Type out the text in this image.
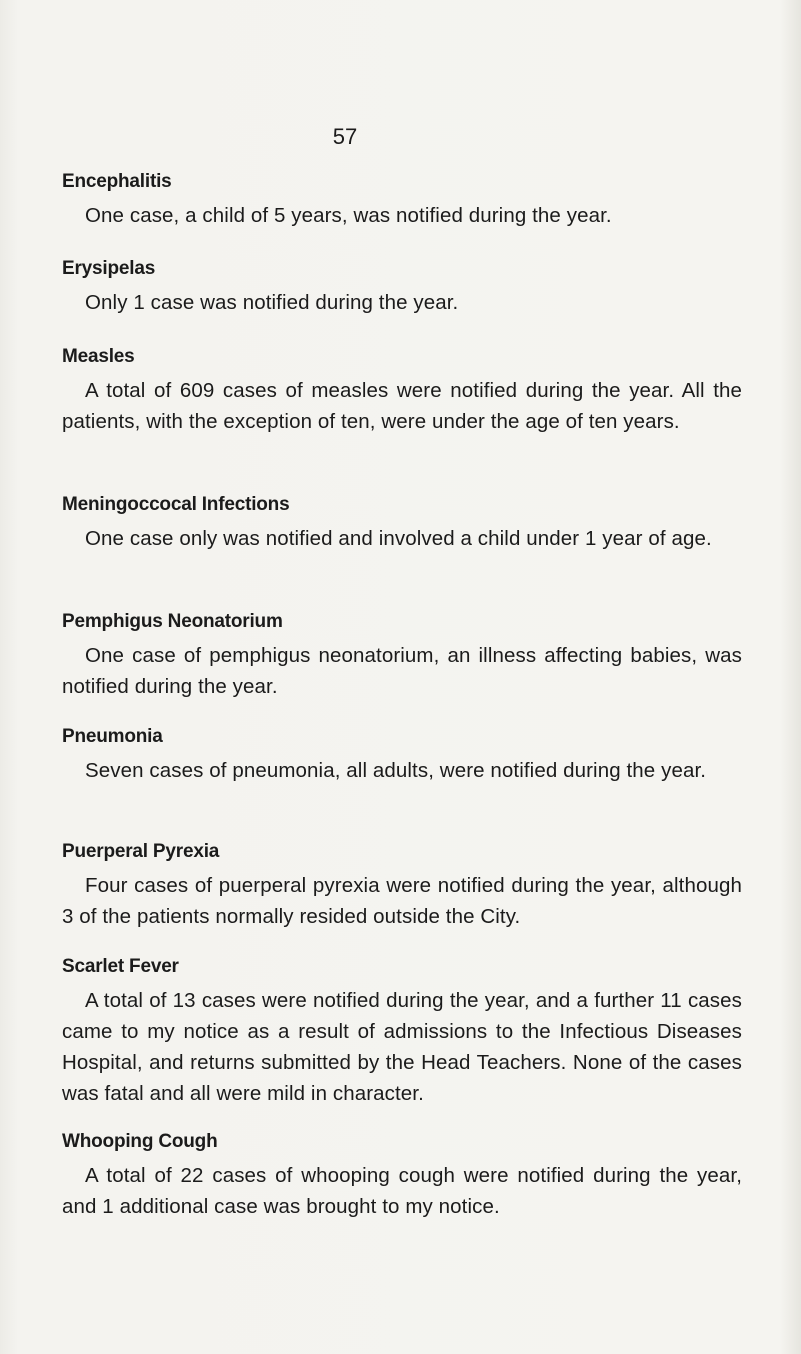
57
Encephalitis

One case, a child of 5 years, was notified during the year.

Erysipelas

Only 1 case was notified during the year.

Measles

A total of 609 cases of measles were notified during the year. All the patients, with the exception of ten, were under the age of ten years.

Meningoccocal Infections

One case only was notified and involved a child under 1 year of age.

Pemphigus Neonatorium

One case of pemphigus neonatorium, an illness affecting babies, was notified during the year.

Pneumonia

Seven cases of pneumonia, all adults, were notified during the year.

Puerperal Pyrexia

Four cases of puerperal pyrexia were notified during the year, although 3 of the patients normally resided outside the City.

Scarlet Fever

A total of 13 cases were notified during the year, and a further 11 cases came to my notice as a result of admissions to the Infectious Diseases Hospital, and returns submitted by the Head Teachers. None of the cases was fatal and all were mild in character.

Whooping Cough

A total of 22 cases of whooping cough were notified during the year, and 1 additional case was brought to my notice.
